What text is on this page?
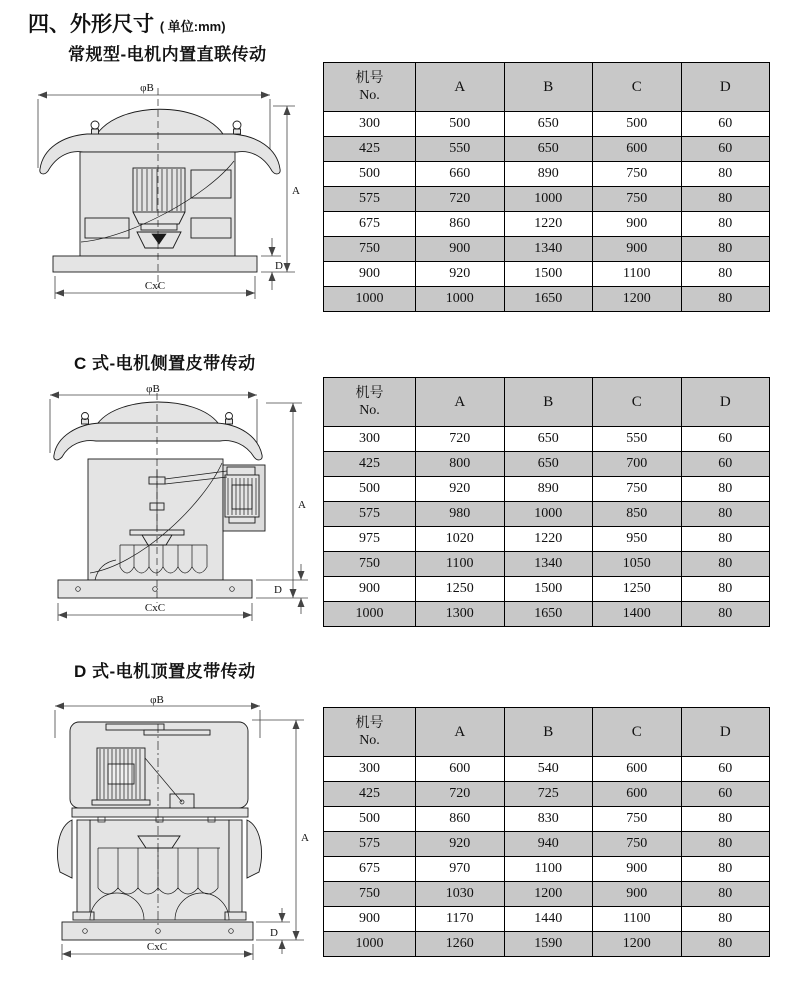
四、外形尺寸 ( 单位:mm)
常规型-电机内置直联传动
C 式-电机侧置皮带传动
D 式-电机顶置皮带传动
φB
A
D
CxC
φB
A
D
CxC
φB
A
D
CxC
机号
No.	A	B	C	D
300	500	650	500	60
425	550	650	600	60
500	660	890	750	80
575	720	1000	750	80
675	860	1220	900	80
750	900	1340	900	80
900	920	1500	1100	80
1000	1000	1650	1200	80
机号
No.	A	B	C	D
300	720	650	550	60
425	800	650	700	60
500	920	890	750	80
575	980	1000	850	80
975	1020	1220	950	80
750	1100	1340	1050	80
900	1250	1500	1250	80
1000	1300	1650	1400	80
机号
No.	A	B	C	D
300	600	540	600	60
425	720	725	600	60
500	860	830	750	80
575	920	940	750	80
675	970	1100	900	80
750	1030	1200	900	80
900	1170	1440	1100	80
1000	1260	1590	1200	80
